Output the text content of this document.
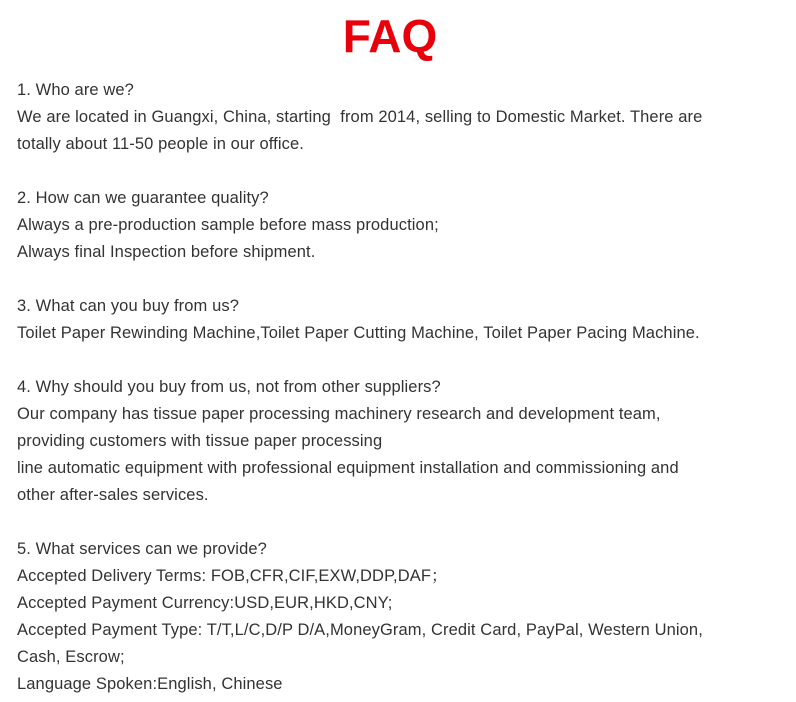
FAQ
1. Who are we?
We are located in Guangxi, China, starting  from 2014, selling to Domestic Market. There are
totally about 11-50 people in our office.
2. How can we guarantee quality?
Always a pre-production sample before mass production;
Always final Inspection before shipment.
3. What can you buy from us?
Toilet Paper Rewinding Machine,Toilet Paper Cutting Machine, Toilet Paper Pacing Machine.
4. Why should you buy from us, not from other suppliers?
Our company has tissue paper processing machinery research and development team,
providing customers with tissue paper processing
line automatic equipment with professional equipment installation and commissioning and
other after-sales services.
5. What services can we provide?
Accepted Delivery Terms: FOB,CFR,CIF,EXW,DDP,DAF；
Accepted Payment Currency:USD,EUR,HKD,CNY;
Accepted Payment Type: T/T,L/C,D/P D/A,MoneyGram, Credit Card, PayPal, Western Union,
Cash, Escrow;
Language Spoken:English, Chinese
